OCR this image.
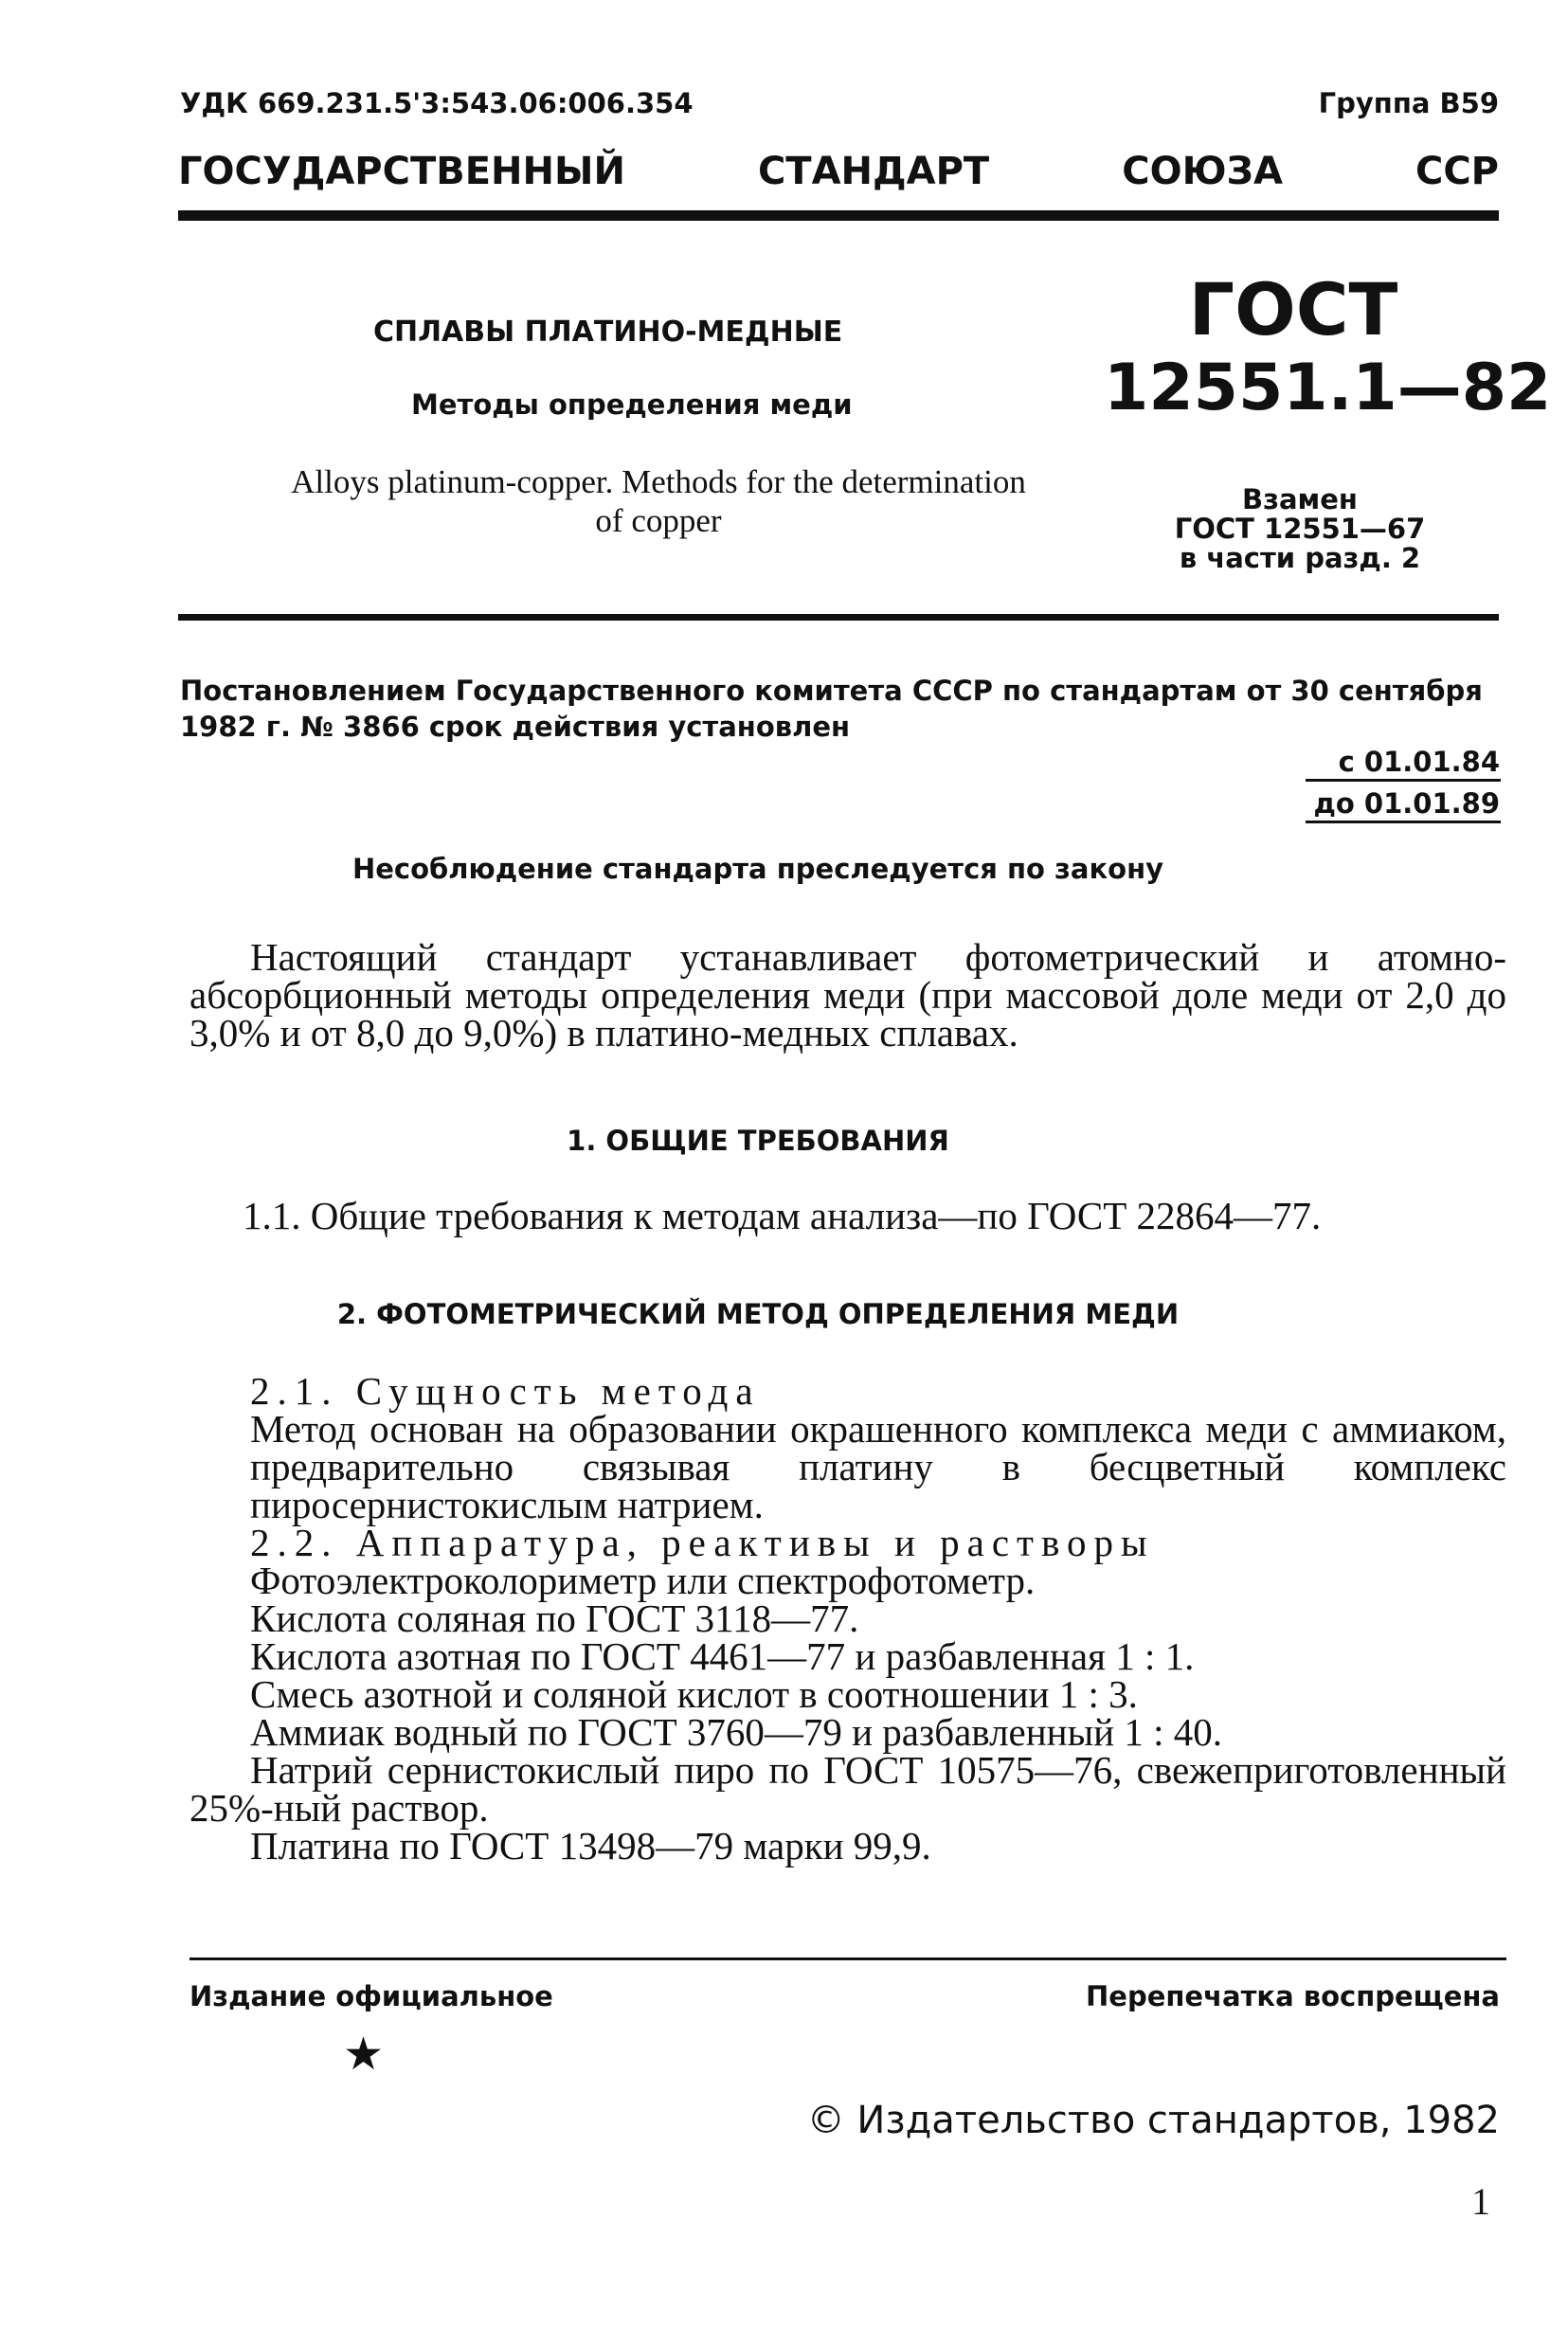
УДК 669.231.5'3:543.06:006.354	Группа В59
ГОСУДАРСТВЕННЫЙ СТАНДАРТ СОЮЗА ССР
СПЛАВЫ ПЛАТИНО-МЕДНЫЕ
Методы определения меди
Alloys platinum-copper. Methods for the determination of copper
ГОСТ
12551.1—82
Взамен
ГОСТ 12551—67
в части разд. 2
Постановлением Государственного комитета СССР по стандартам от 30 сентября 1982 г. № 3866 срок действия установлен
с 01.01.84
до 01.01.89
Несоблюдение стандарта преследуется по закону
Настоящий стандарт устанавливает фотометрический и атомно-абсорбционный методы определения меди (при массовой доле меди от 2,0 до 3,0% и от 8,0 до 9,0%) в платино-медных сплавах.
1. ОБЩИЕ ТРЕБОВАНИЯ
1.1. Общие требования к методам анализа—по ГОСТ 22864—77.
2. ФОТОМЕТРИЧЕСКИЙ МЕТОД ОПРЕДЕЛЕНИЯ МЕДИ

2.1. Сущность метода

Метод основан на образовании окрашенного комплекса меди с аммиаком, предварительно связывая платину в бесцветный комплекс пиросернистокислым натрием.

2.2. Аппаратура, реактивы и растворы

Фотоэлектроколориметр или спектрофотометр.

Кислота соляная по ГОСТ 3118—77.

Кислота азотная по ГОСТ 4461—77 и разбавленная 1 : 1.

Смесь азотной и соляной кислот в соотношении 1 : 3.

Аммиак водный по ГОСТ 3760—79 и разбавленный 1 : 40.

Натрий сернистокислый пиро по ГОСТ 10575—76, свежеприготовленный 25%-ный раствор.

Платина по ГОСТ 13498—79 марки 99,9.

Издание официальное	Перепечатка воспрещена
★
© Издательство стандартов, 1982
1
